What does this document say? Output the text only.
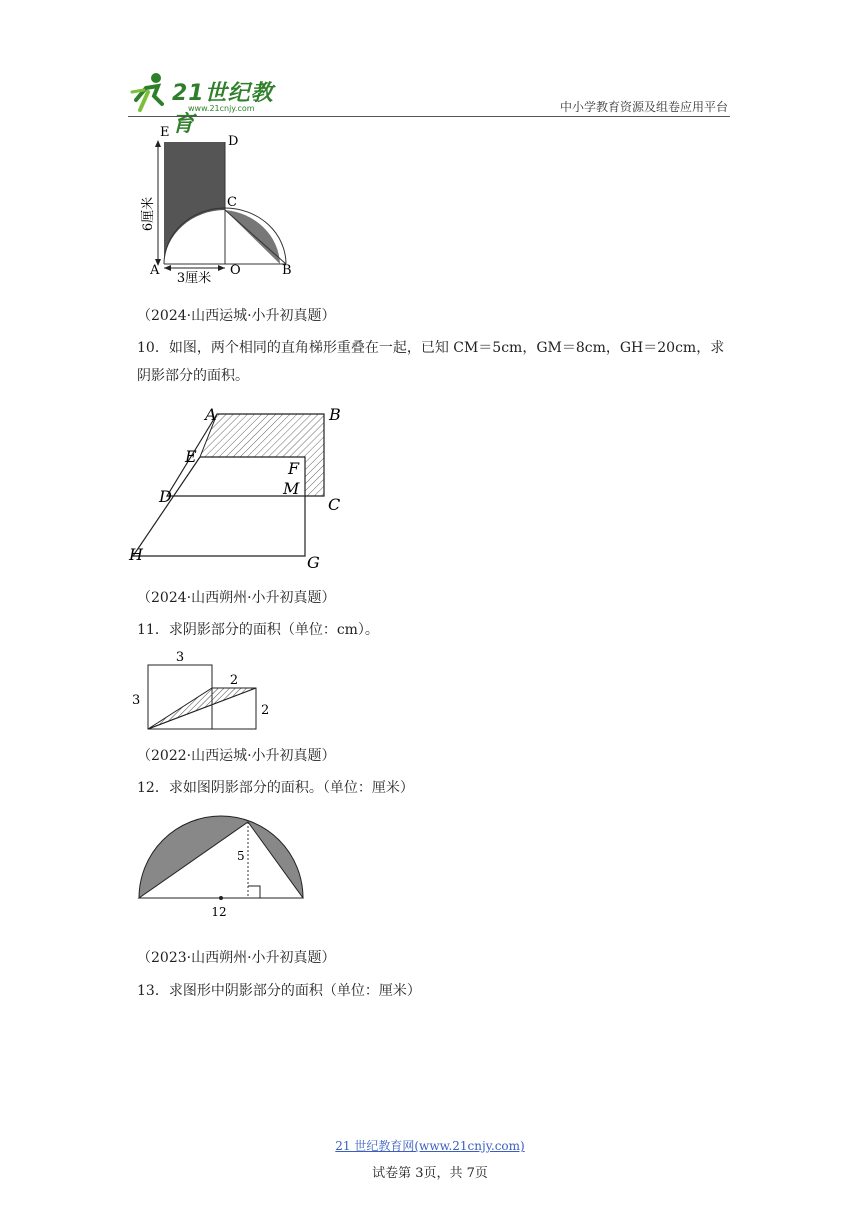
21世纪教育
www.21cnjy.com	中小学教育资源及组卷应用平台
E
D
C
A	O	B
6厘米
3厘米
（2024·山西运城·小升初真题）
10．如图，两个相同的直角梯形重叠在一起，已知 CM＝5cm，GM＝8cm，GH＝20cm，求
阴影部分的面积。
A	B
E
F
D	M
C
H	G
（2024·山西朔州·小升初真题）
11．求阴影部分的面积（单位：cm）。
3
3
2
2
（2022·山西运城·小升初真题）
12．求如图阴影部分的面积。（单位：厘米）
5
12
（2023·山西朔州·小升初真题）
13．求图形中阴影部分的面积（单位：厘米）
21 世纪教育网(www.21cnjy.com)
试卷第 3页，共 7页
